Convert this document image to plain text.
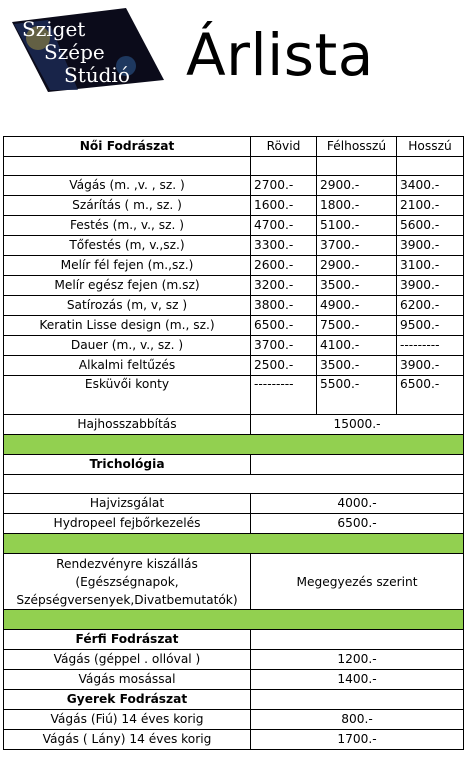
Sziget
Szépe
Stúdió Árlista
Női Fodrászat	Rövid	Félhosszú	Hosszú

Vágás (m. ,v. , sz. )	2700.-	2900.-	3400.-
Szárítás ( m., sz. )	1600.-	1800.-	2100.-
Festés (m., v., sz. )	4700.-	5100.-	5600.-
Tőfestés (m, v.,sz.)	3300.-	3700.-	3900.-
Melír fél fejen (m.,sz.)	2600.-	2900.-	3100.-
Melír egész fejen (m.sz)	3200.-	3500.-	3900.-
Satírozás (m, v, sz )	3800.-	4900.-	6200.-
Keratin Lisse design (m., sz.)	6500.-	7500.-	9500.-
Dauer (m., v., sz. )	3700.-	4100.-	---------
Alkalmi feltűzés	2500.-	3500.-	3900.-
Esküvői konty	---------	5500.-	6500.-
Hajhosszabbítás	15000.-		

Trichológia			

Hajvizsgálat	4000.-		
Hydropeel fejbőrkezelés	6500.-		

Rendezvényre kiszállás (Egészségnapok, Szépségversenyek,Divatbemutatók)	Megegyezés szerint		

Férfi Fodrászat			
Vágás (géppel . ollóval )	1200.-		
Vágás mosással	1400.-		
Gyerek Fodrászat			
Vágás (Fiú) 14 éves korig	800.-		
Vágás ( Lány) 14 éves korig	1700.-		
